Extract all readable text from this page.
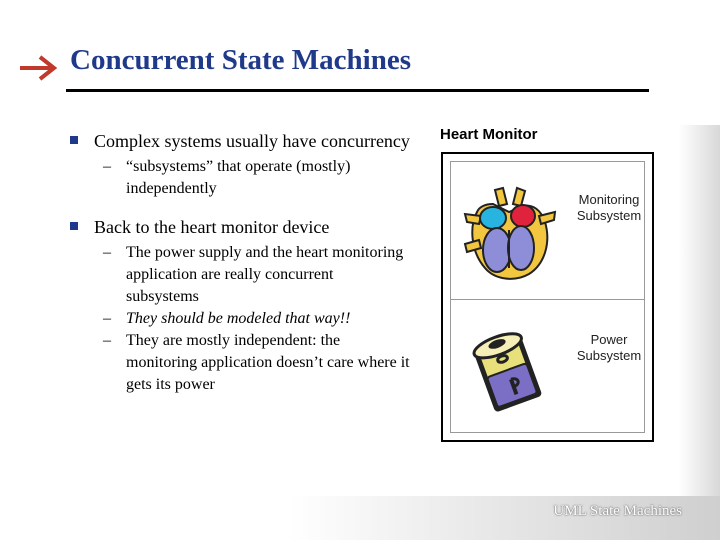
Concurrent State Machines

Complex systems usually have concurrency

– “subsystems” that operate (mostly) independently

Back to the heart monitor device

– The power supply and the heart monitoring application are really concurrent subsystems

– They should be modeled that way!!

– They are mostly independent: the monitoring application doesn’t care where it gets its power

Heart Monitor
Monitoring Subsystem
Power Subsystem
UML State Machines
